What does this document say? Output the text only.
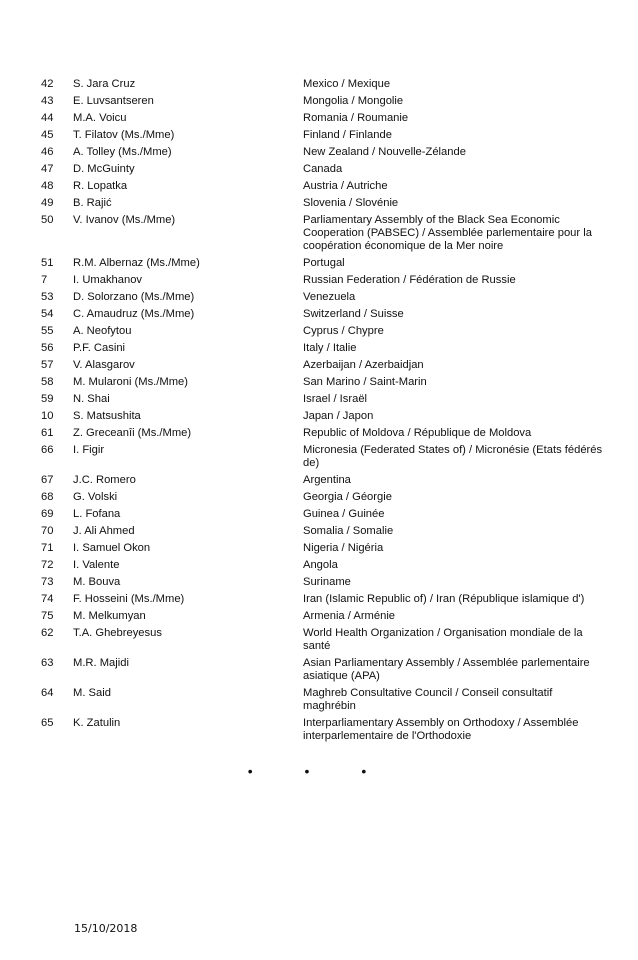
42	S. Jara Cruz	Mexico / Mexique
43	E. Luvsantseren	Mongolia / Mongolie
44	M.A. Voicu	Romania / Roumanie
45	T. Filatov (Ms./Mme)	Finland / Finlande
46	A. Tolley (Ms./Mme)	New Zealand / Nouvelle-Zélande
47	D. McGuinty	Canada
48	R. Lopatka	Austria / Autriche
49	B. Rajić	Slovenia / Slovénie
50	V. Ivanov (Ms./Mme)	Parliamentary Assembly of the Black Sea Economic Cooperation (PABSEC) / Assemblée parlementaire pour la coopération économique de la Mer noire
51	R.M. Albernaz (Ms./Mme)	Portugal
7	I. Umakhanov	Russian Federation / Fédération de Russie
53	D. Solorzano (Ms./Mme)	Venezuela
54	C. Amaudruz (Ms./Mme)	Switzerland / Suisse
55	A. Neofytou	Cyprus / Chypre
56	P.F. Casini	Italy / Italie
57	V. Alasgarov	Azerbaijan / Azerbaidjan
58	M. Mularoni (Ms./Mme)	San Marino / Saint-Marin
59	N. Shai	Israel / Israël
10	S. Matsushita	Japan / Japon
61	Z. Greceanîi (Ms./Mme)	Republic of Moldova / République de Moldova
66	I. Figir	Micronesia (Federated States of) / Micronésie (Etats fédérés de)
67	J.C. Romero	Argentina
68	G. Volski	Georgia / Géorgie
69	L. Fofana	Guinea / Guinée
70	J. Ali Ahmed	Somalia / Somalie
71	I. Samuel Okon	Nigeria / Nigéria
72	I. Valente	Angola
73	M. Bouva	Suriname
74	F. Hosseini (Ms./Mme)	Iran (Islamic Republic of) / Iran (République islamique d')
75	M. Melkumyan	Armenia / Arménie
62	T.A. Ghebreyesus	World Health Organization / Organisation mondiale de la santé
63	M.R. Majidi	Asian Parliamentary Assembly / Assemblée parlementaire asiatique (APA)
64	M. Said	Maghreb Consultative Council / Conseil consultatif maghrébin
65	K. Zatulin	Interparliamentary Assembly on Orthodoxy / Assemblée interparlementaire de l'Orthodoxie
• • •
15/10/2018
